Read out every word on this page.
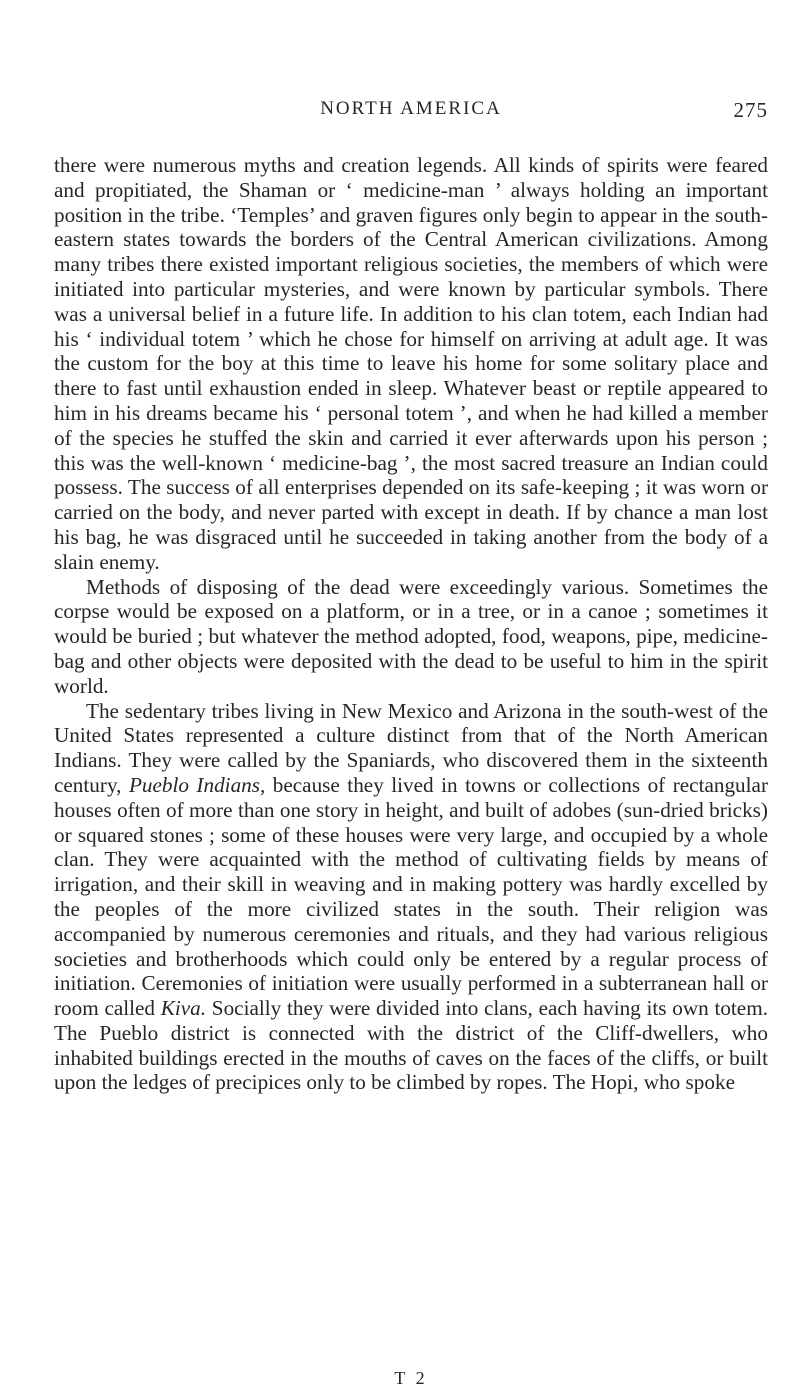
NORTH AMERICA	275

there were numerous myths and creation legends. All kinds of spirits were feared and propitiated, the Shaman or ‘ medicine-man ’ always holding an important position in the tribe. ‘Temples’ and graven figures only begin to appear in the south-eastern states towards the borders of the Central American civilizations. Among many tribes there existed important religious societies, the members of which were initiated into particular mysteries, and were known by particular symbols. There was a universal belief in a future life. In addition to his clan totem, each Indian had his ‘ individual totem ’ which he chose for himself on arriving at adult age. It was the custom for the boy at this time to leave his home for some solitary place and there to fast until exhaustion ended in sleep. Whatever beast or reptile appeared to him in his dreams became his ‘ personal totem ’, and when he had killed a member of the species he stuffed the skin and carried it ever afterwards upon his person ; this was the well-known ‘ medicine-bag ’, the most sacred treasure an Indian could possess. The success of all enterprises depended on its safe-keeping ; it was worn or carried on the body, and never parted with except in death. If by chance a man lost his bag, he was disgraced until he succeeded in taking another from the body of a slain enemy.

Methods of disposing of the dead were exceedingly various. Sometimes the corpse would be exposed on a platform, or in a tree, or in a canoe ; sometimes it would be buried ; but whatever the method adopted, food, weapons, pipe, medicine-bag and other objects were deposited with the dead to be useful to him in the spirit world.

The sedentary tribes living in New Mexico and Arizona in the south-west of the United States represented a culture distinct from that of the North American Indians. They were called by the Spaniards, who discovered them in the sixteenth century, Pueblo Indians, because they lived in towns or collections of rectangular houses often of more than one story in height, and built of adobes (sun-dried bricks) or squared stones ; some of these houses were very large, and occupied by a whole clan. They were acquainted with the method of cultivating fields by means of irrigation, and their skill in weaving and in making pottery was hardly excelled by the peoples of the more civilized states in the south. Their religion was accompanied by numerous ceremonies and rituals, and they had various religious societies and brotherhoods which could only be entered by a regular process of initiation. Ceremonies of initiation were usually performed in a subterranean hall or room called Kiva. Socially they were divided into clans, each having its own totem. The Pueblo district is connected with the district of the Cliff-dwellers, who inhabited buildings erected in the mouths of caves on the faces of the cliffs, or built upon the ledges of precipices only to be climbed by ropes. The Hopi, who spoke

T 2
